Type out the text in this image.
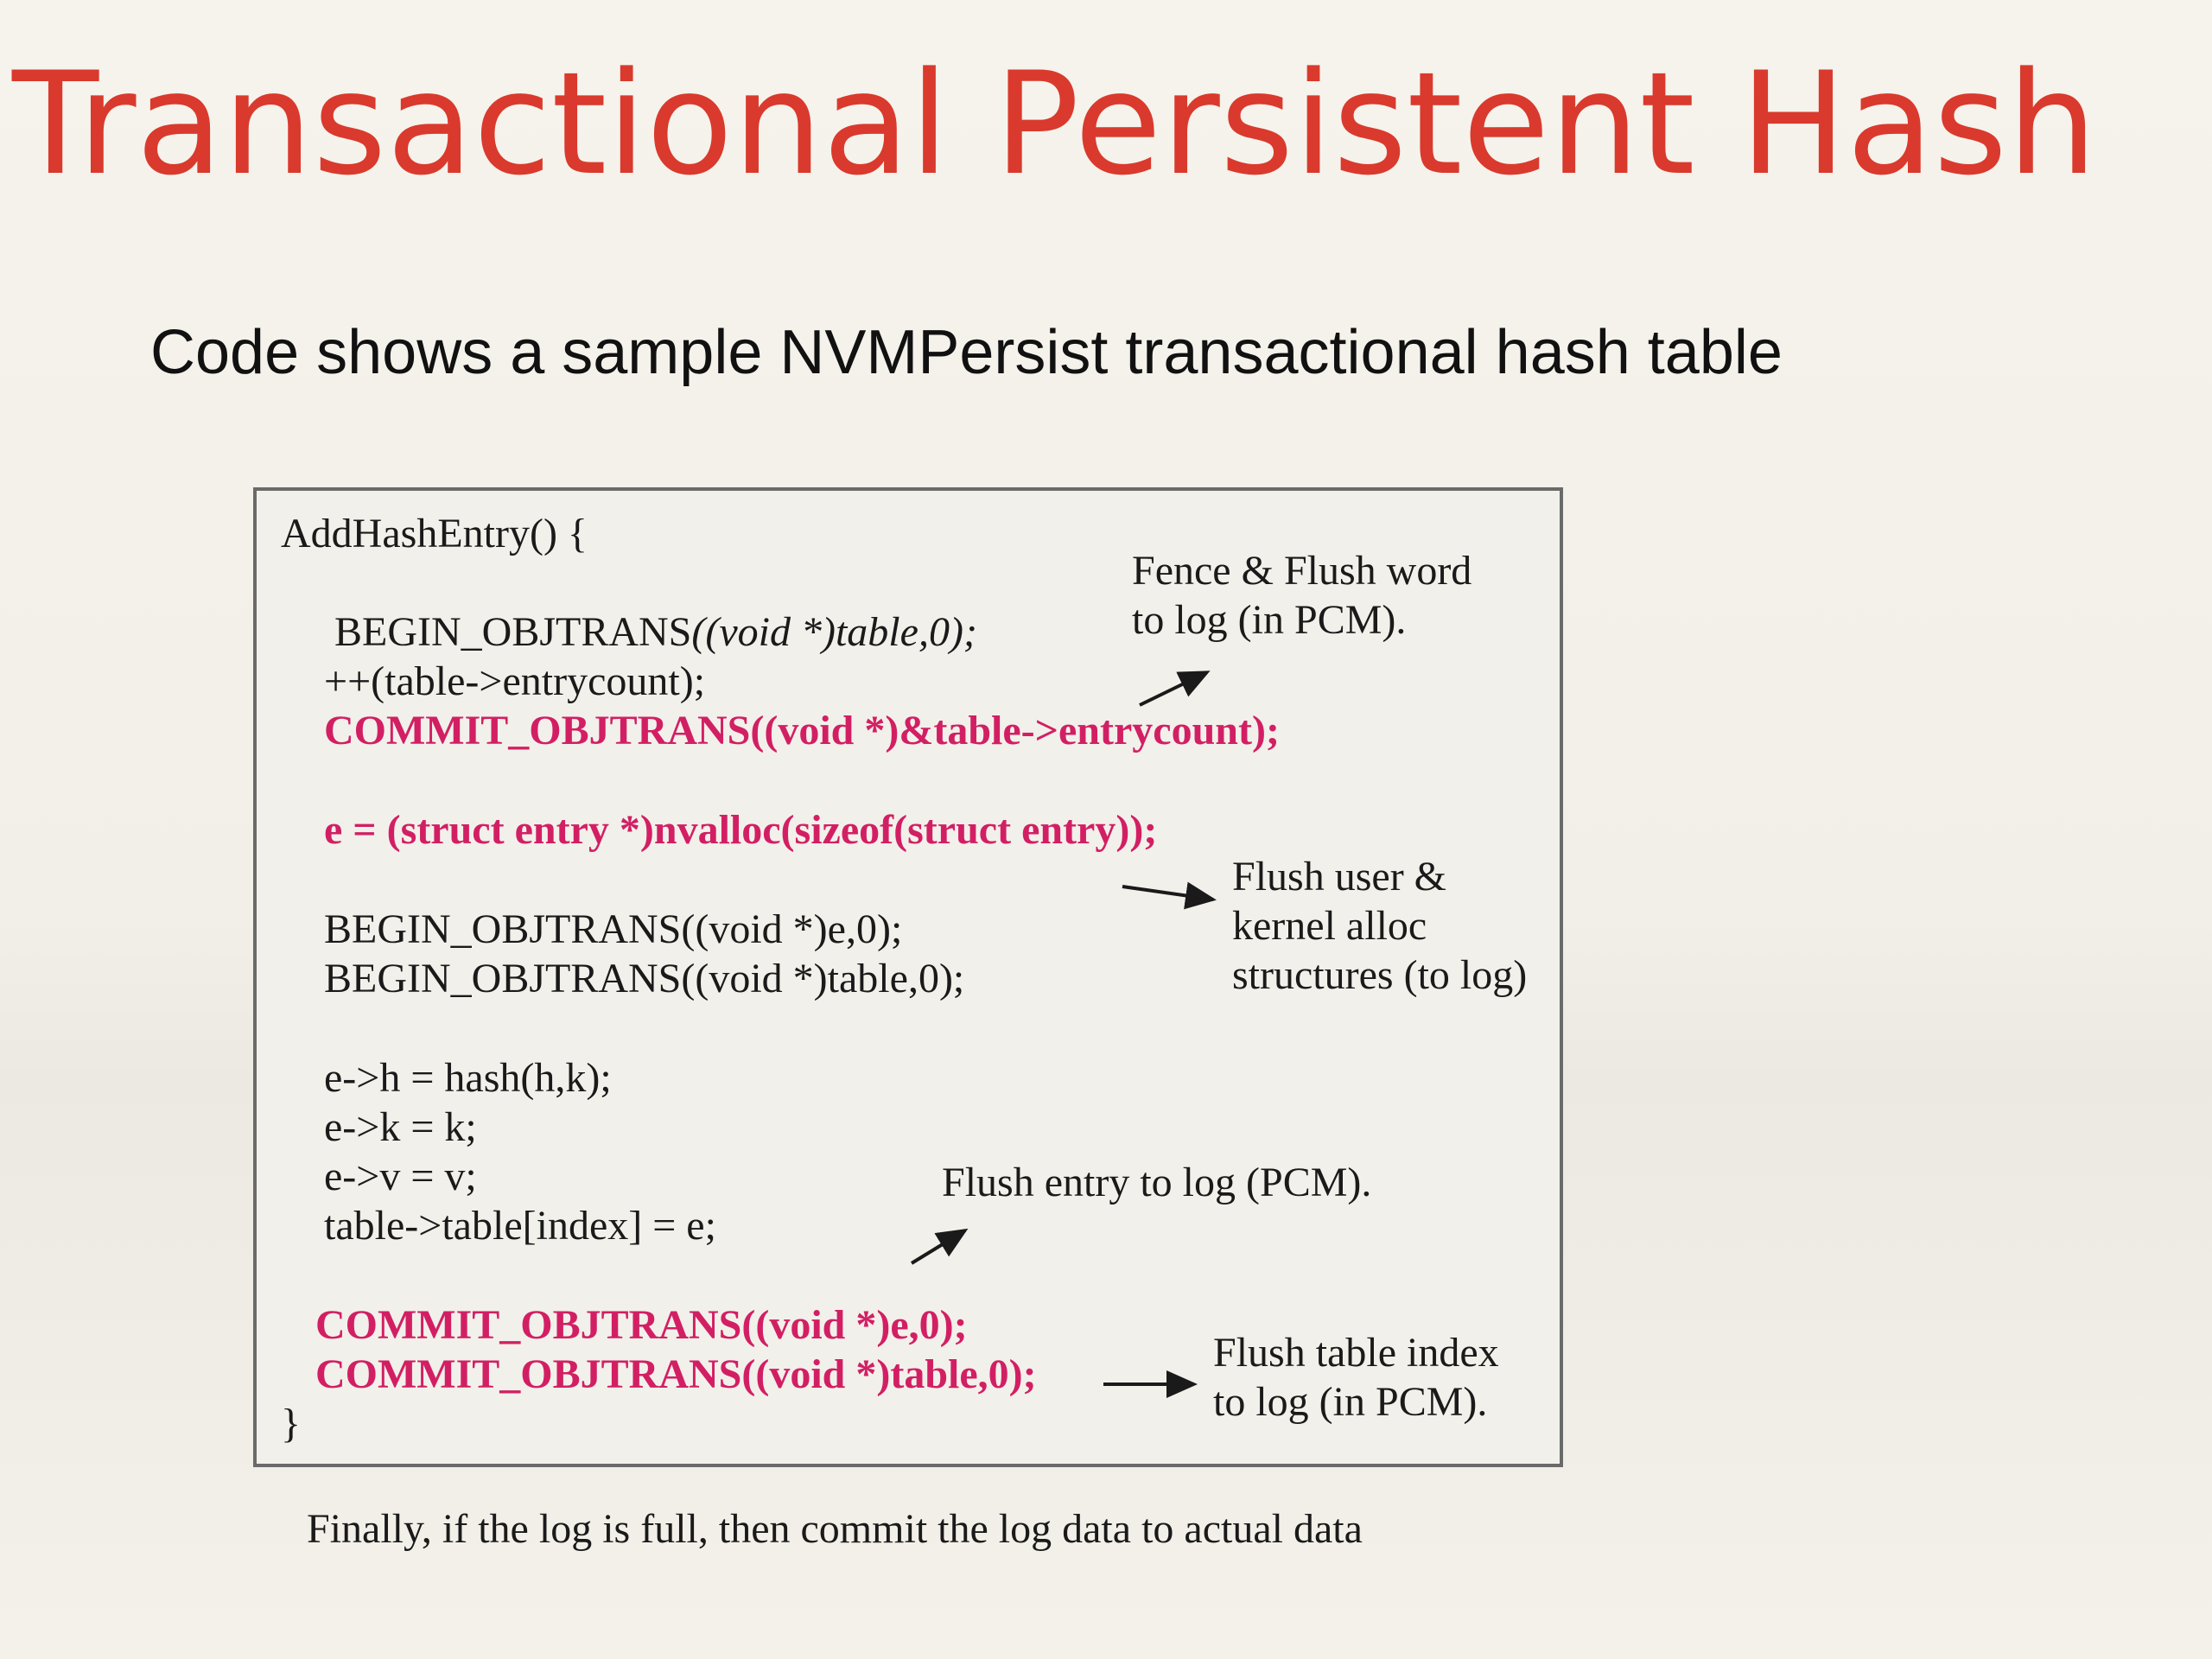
Transactional Persistent Hash

Code shows a sample NVMPersist transactional hash table

AddHashEntry() {
BEGIN_OBJTRANS((void *)table,0);
++(table->entrycount);
COMMIT_OBJTRANS((void *)&table->entrycount);
e = (struct entry *)nvalloc(sizeof(struct entry));
BEGIN_OBJTRANS((void *)e,0);
BEGIN_OBJTRANS((void *)table,0);
e->h = hash(h,k);
e->k = k;
e->v = v;
table->table[index] = e;
COMMIT_OBJTRANS((void *)e,0);
COMMIT_OBJTRANS((void *)table,0);
}
Fence & Flush word
to log (in PCM).
Flush user &
kernel alloc
structures (to log)
Flush entry to log (PCM).
Flush table index
to log (in PCM).

Finally, if the log is full, then commit the log data to actual data
